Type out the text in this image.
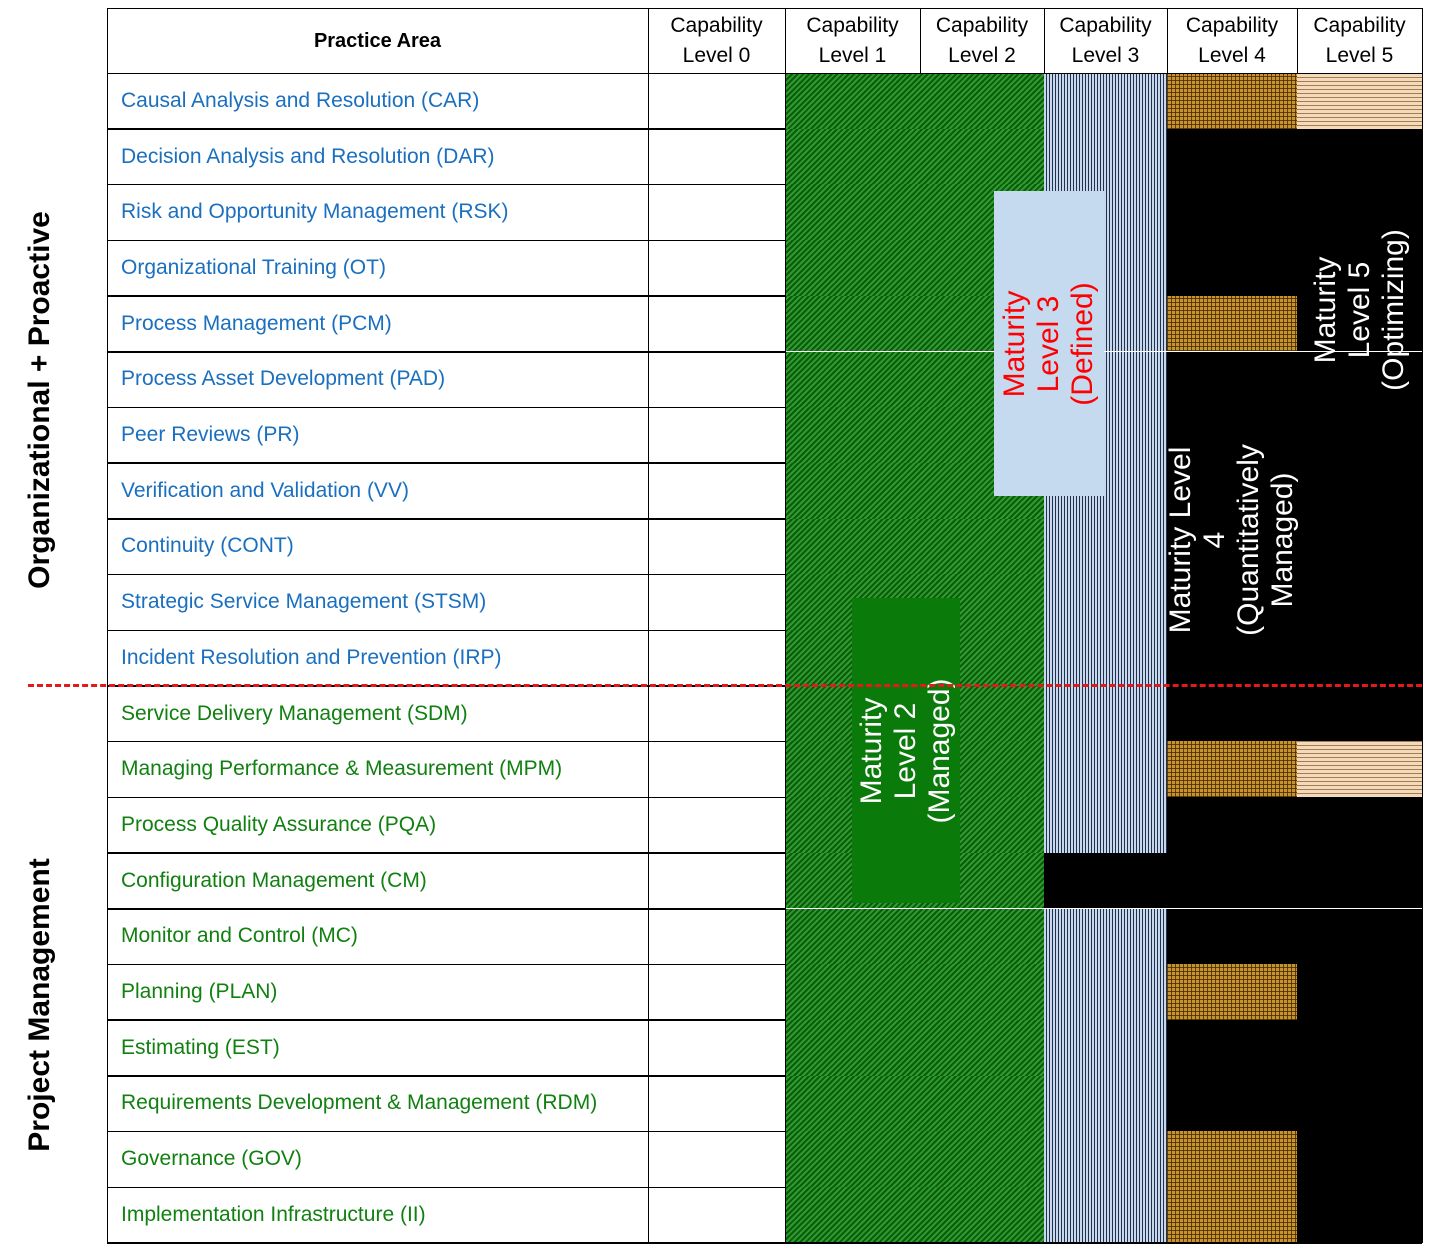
Practice Area
Capability
Level 0
Capability
Level 1
Capability
Level 2
Capability
Level 3
Capability
Level 4
Capability
Level 5
Causal Analysis and Resolution (CAR)
Decision Analysis and Resolution (DAR)
Risk and Opportunity Management (RSK)
Organizational Training (OT)
Process Management (PCM)
Process Asset Development (PAD)
Peer Reviews (PR)
Verification and Validation (VV)
Continuity (CONT)
Strategic Service Management (STSM)
Incident Resolution and Prevention (IRP)
Service Delivery Management (SDM)
Managing Performance & Measurement (MPM)
Process Quality Assurance (PQA)
Configuration Management (CM)
Monitor and Control (MC)
Planning (PLAN)
Estimating (EST)
Requirements Development & Management (RDM)
Governance (GOV)
Implementation Infrastructure (II)
Maturity Level 2
(Managed)
Maturity Level 3
(Defined)
Maturity Level 4
(Quantitatively Managed)
Maturity Level 5
(Optimizing)
Organizational + Proactive
Project Management
